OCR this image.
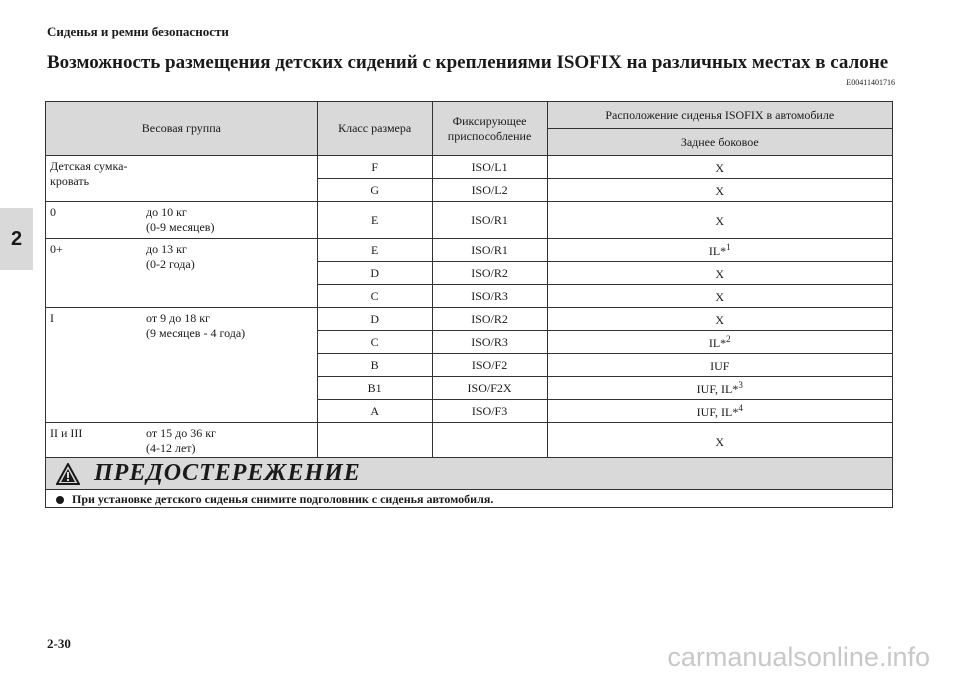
Сиденья и ремни безопасности
Возможность размещения детских сидений с креплениями ISOFIX на различных местах в салоне
E00411401716
2
Весовая группа	Класс размера	Фиксирующее приспособление	Расположение сиденья ISOFIX в автомобиле
			Заднее боковое

Детская сумка-кровать	F	ISO/L1	X
	G	ISO/L2	X

0 до 10 кг
(0-9 месяцев)	E	ISO/R1	X

0+ до 13 кг
(0-2 года)	E	ISO/R1	IL*$^1$
	D	ISO/R2	X
	C	ISO/R3	X

I от 9 до 18 кг
(9 месяцев - 4 года)	D	ISO/R2	X
	C	ISO/R3	IL*$^2$
	B	ISO/F2	IUF
	B1	ISO/F2X	IUF, IL*$^3$
	A	ISO/F3	IUF, IL*$^4$

II и III от 15 до 36 кг
(4-12 лет)			X
ПРЕДОСТЕРЕЖЕНИЕ
При установке детского сиденья снимите подголовник с сиденья автомобиля.
2-30	carmanualsonline.info
